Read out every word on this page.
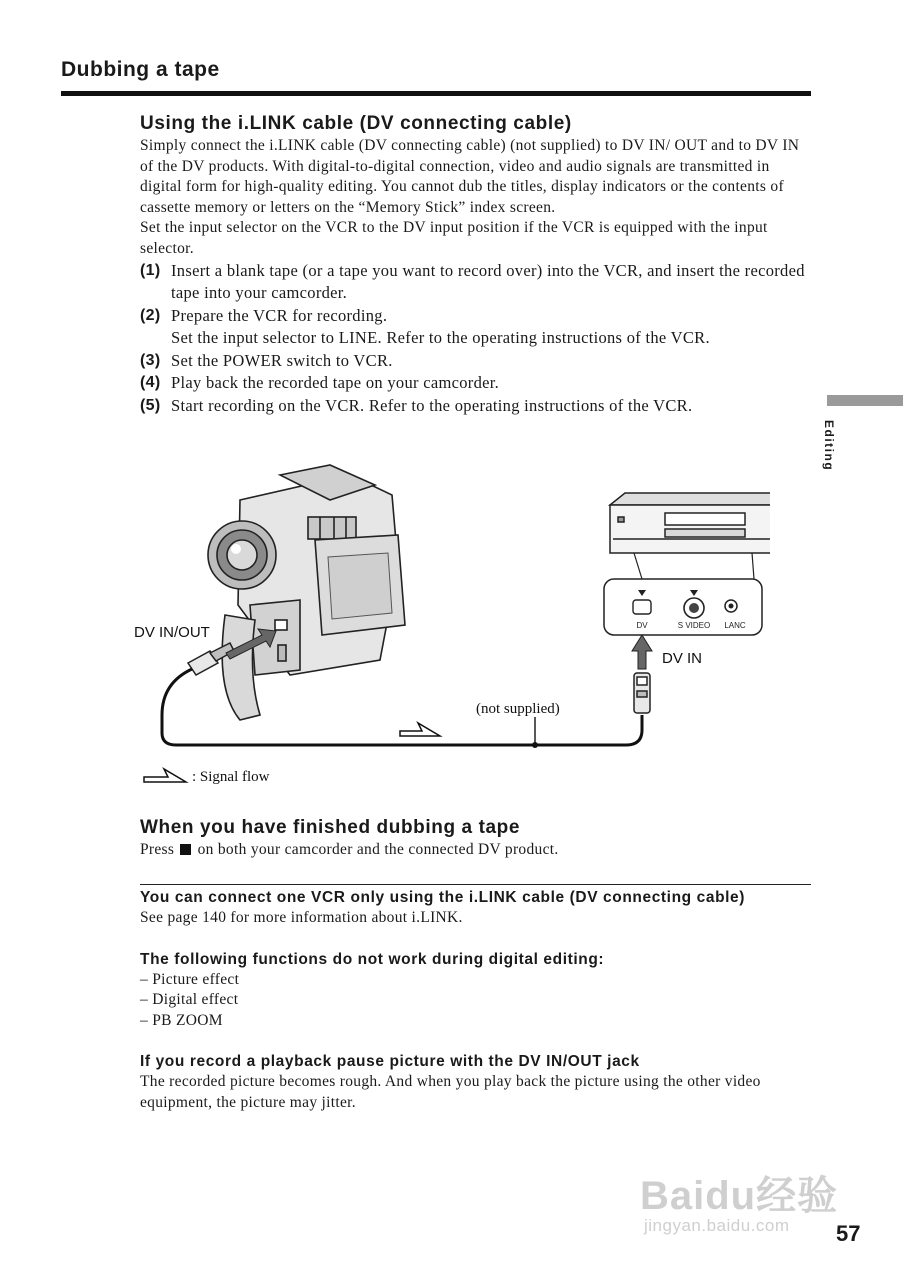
Dubbing a tape
Editing
Using the i.LINK cable (DV connecting cable)

Simply connect the i.LINK cable (DV connecting cable) (not supplied) to DV IN/ OUT and to DV IN of the DV products. With digital-to-digital connection, video and audio signals are transmitted in digital form for high-quality editing. You cannot dub the titles, display indicators or the contents of cassette memory or letters on the “Memory Stick” index screen.

Set the input selector on the VCR to the DV input position if the VCR is equipped with the input selector.

(1) Insert a blank tape (or a tape you want to record over) into the VCR, and insert the recorded tape into your camcorder.
(2) Prepare the VCR for recording.
Set the input selector to LINE. Refer to the operating instructions of the VCR.
(3) Set the POWER switch to VCR.
(4) Play back the recorded tape on your camcorder.
(5) Start recording on the VCR. Refer to the operating instructions of the VCR.
DV	S VIDEO LANC
DV IN/OUT
DV IN
(not supplied)
: Signal flow
When you have finished dubbing a tape

Press on both your camcorder and the connected DV product.

You can connect one VCR only using the i.LINK cable (DV connecting cable)

See page 140 for more information about i.LINK.

The following functions do not work during digital editing:

– Picture effect

– Digital effect

– PB ZOOM

If you record a playback pause picture with the DV IN/OUT jack

The recorded picture becomes rough. And when you play back the picture using the other video equipment, the picture may jitter.

Baidu经验
jingyan.baidu.com 57
